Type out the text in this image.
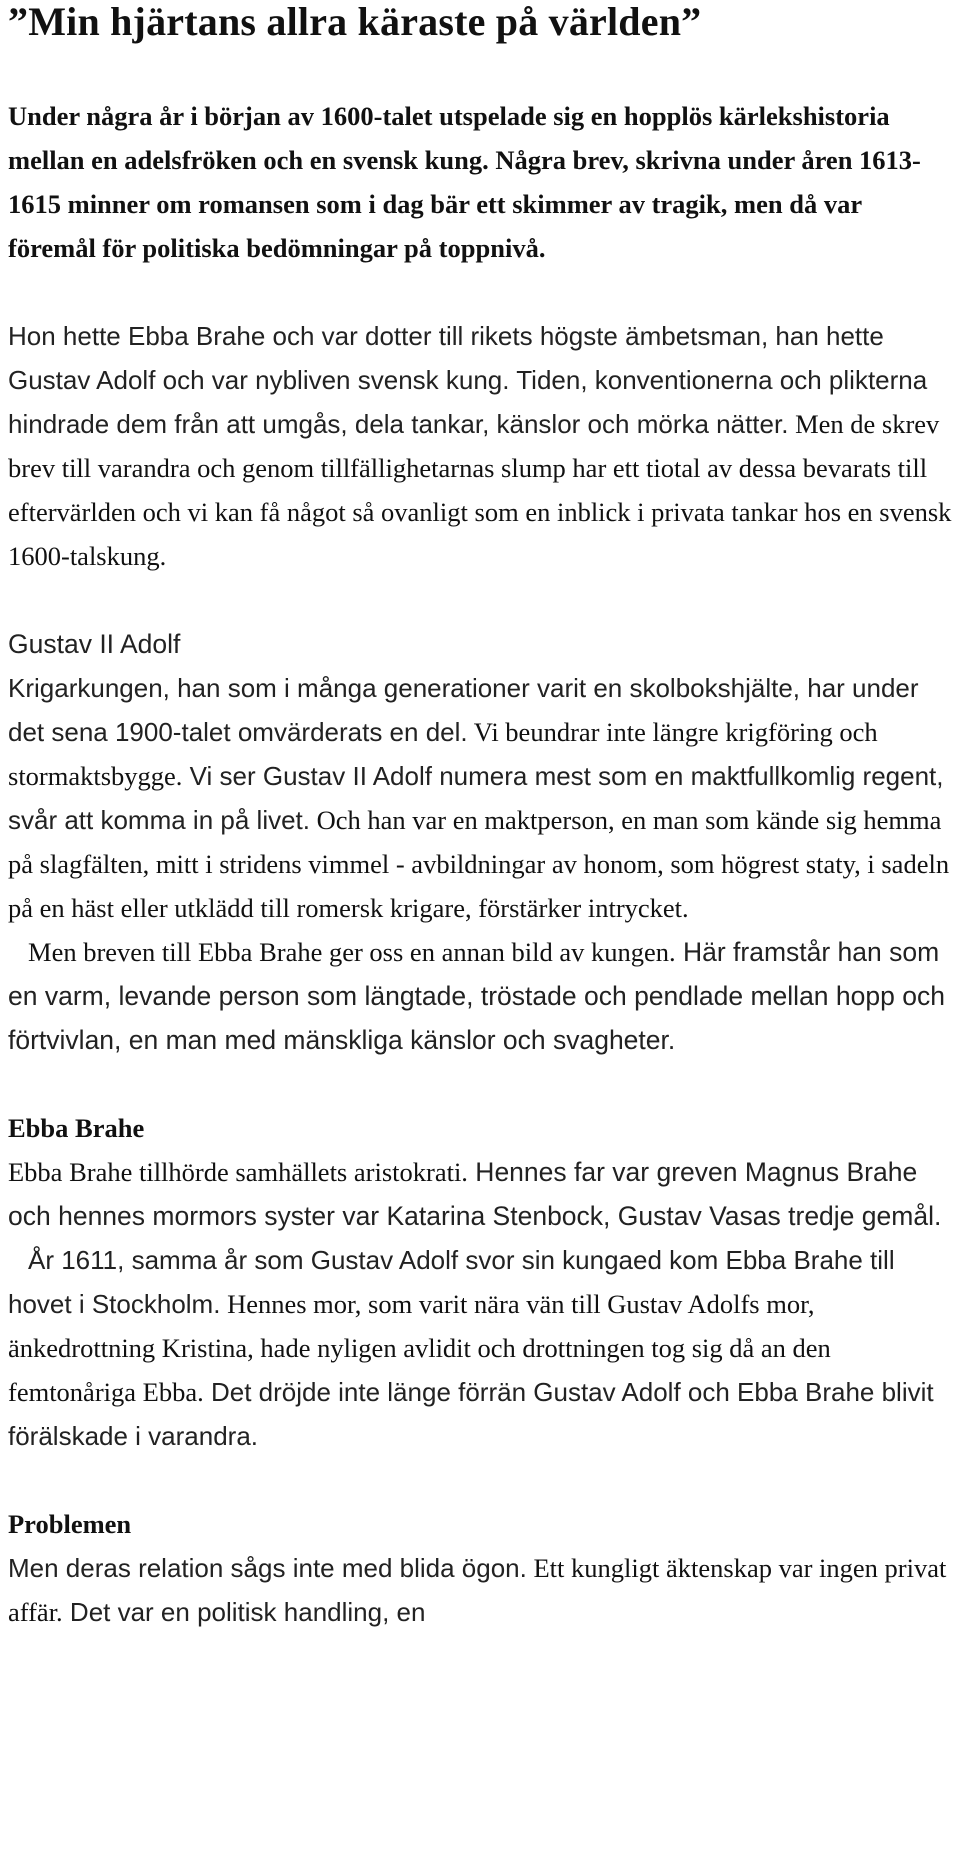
”Min hjärtans allra käraste på världen”

Under några år i början av 1600-talet utspelade sig en hopplös kärlekshistoria mellan en adelsfröken och en svensk kung. Några brev, skrivna under åren 1613-1615 minner om romansen som i dag bär ett skimmer av tragik, men då var föremål för politiska bedömningar på toppnivå.

Hon hette Ebba Brahe och var dotter till rikets högste ämbetsman, han hette Gustav Adolf och var nybliven svensk kung. Tiden, konventionerna och plikterna hindrade dem från att umgås, dela tankar, känslor och mörka nätter. Men de skrev brev till varandra och genom tillfällighetarnas slump har ett tiotal av dessa bevarats till eftervärlden och vi kan få något så ovanligt som en inblick i privata tankar hos en svensk 1600-talskung.

Gustav II Adolf

Krigarkungen, han som i många generationer varit en skolbokshjälte, har under det sena 1900-talet omvärderats en del. Vi beundrar inte längre krigföring och stormaktsbygge. Vi ser Gustav II Adolf numera mest som en maktfullkomlig regent, svår att komma in på livet. Och han var en maktperson, en man som kände sig hemma på slagfälten, mitt i stridens vimmel - avbildningar av honom, som högrest staty, i sadeln på en häst eller utklädd till romersk krigare, förstärker intrycket.

Men breven till Ebba Brahe ger oss en annan bild av kungen. Här framstår han som en varm, levande person som längtade, tröstade och pendlade mellan hopp och förtvivlan, en man med mänskliga känslor och svagheter.

Ebba Brahe

Ebba Brahe tillhörde samhällets aristokrati. Hennes far var greven Magnus Brahe och hennes mormors syster var Katarina Stenbock, Gustav Vasas tredje gemål.

År 1611, samma år som Gustav Adolf svor sin kungaed kom Ebba Brahe till hovet i Stockholm. Hennes mor, som varit nära vän till Gustav Adolfs mor, änkedrottning Kristina, hade nyligen avlidit och drottningen tog sig då an den femtonåriga Ebba. Det dröjde inte länge förrän Gustav Adolf och Ebba Brahe blivit förälskade i varandra.

Problemen

Men deras relation sågs inte med blida ögon. Ett kungligt äktenskap var ingen privat affär. Det var en politisk handling, en
